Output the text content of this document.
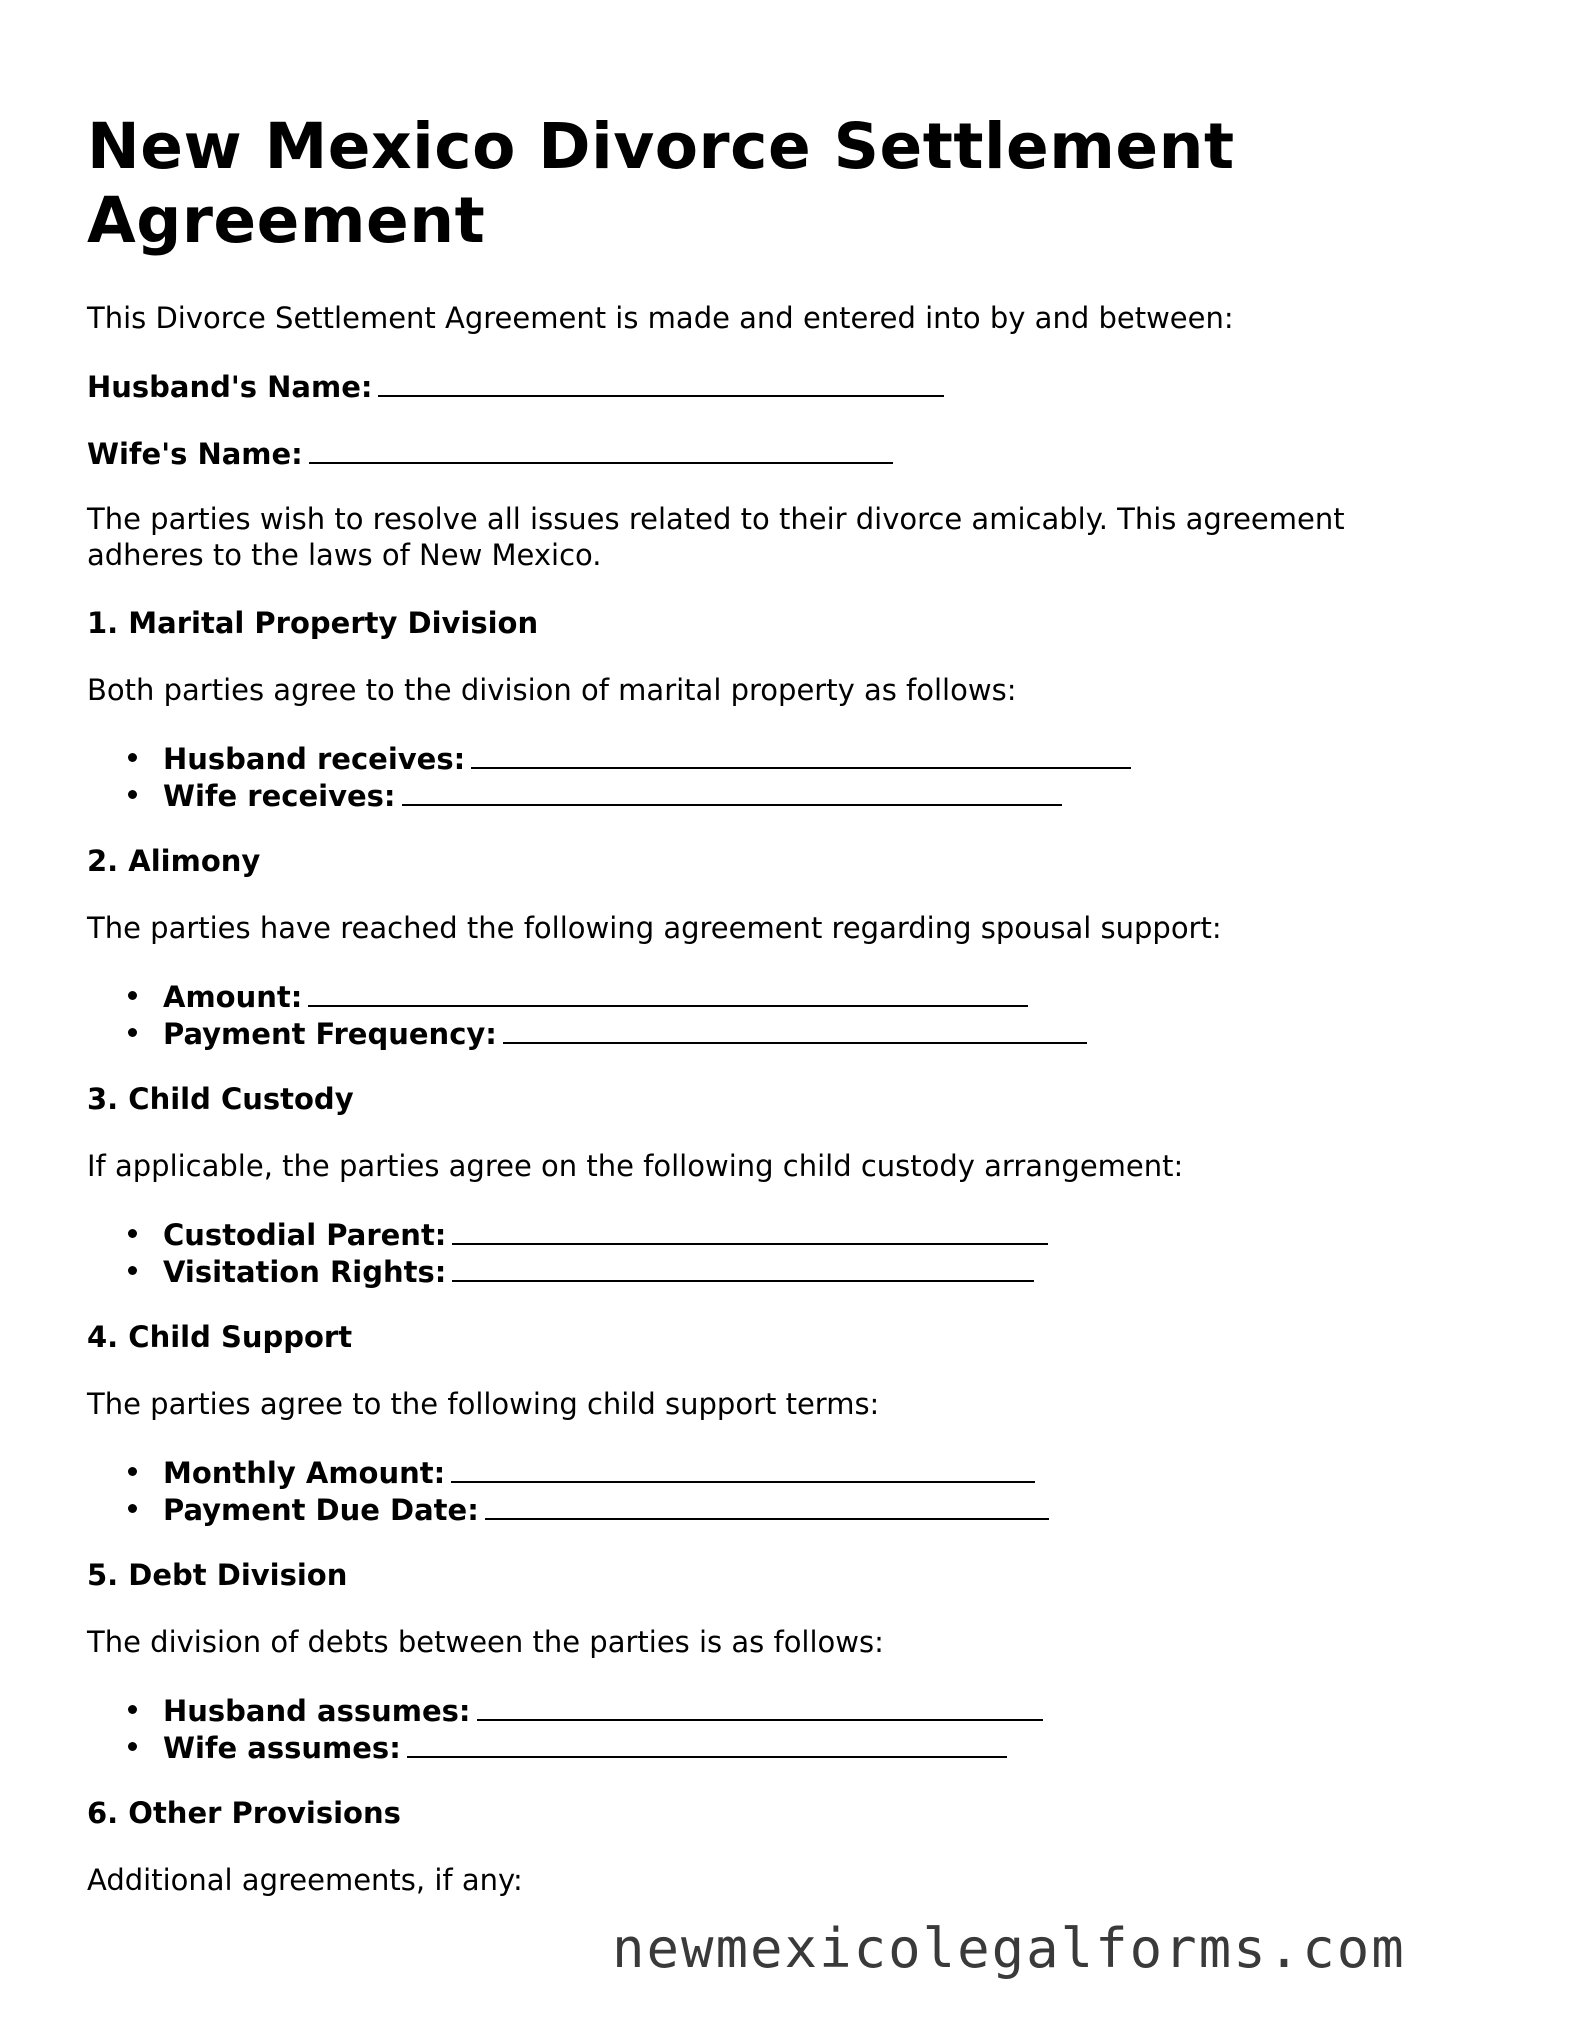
New Mexico Divorce Settlement Agreement

This Divorce Settlement Agreement is made and entered into by and between:

Husband's Name:

Wife's Name:

The parties wish to resolve all issues related to their divorce amicably. This agreement adheres to the laws of New Mexico.

1. Marital Property Division

Both parties agree to the division of marital property as follows:

Husband receives:

Wife receives:

2. Alimony

The parties have reached the following agreement regarding spousal support:

Amount:

Payment Frequency:

3. Child Custody

If applicable, the parties agree on the following child custody arrangement:

Custodial Parent:

Visitation Rights:

4. Child Support

The parties agree to the following child support terms:

Monthly Amount:

Payment Due Date:

5. Debt Division

The division of debts between the parties is as follows:

Husband assumes:

Wife assumes:

6. Other Provisions

Additional agreements, if any:

newmexicolegalforms.com
